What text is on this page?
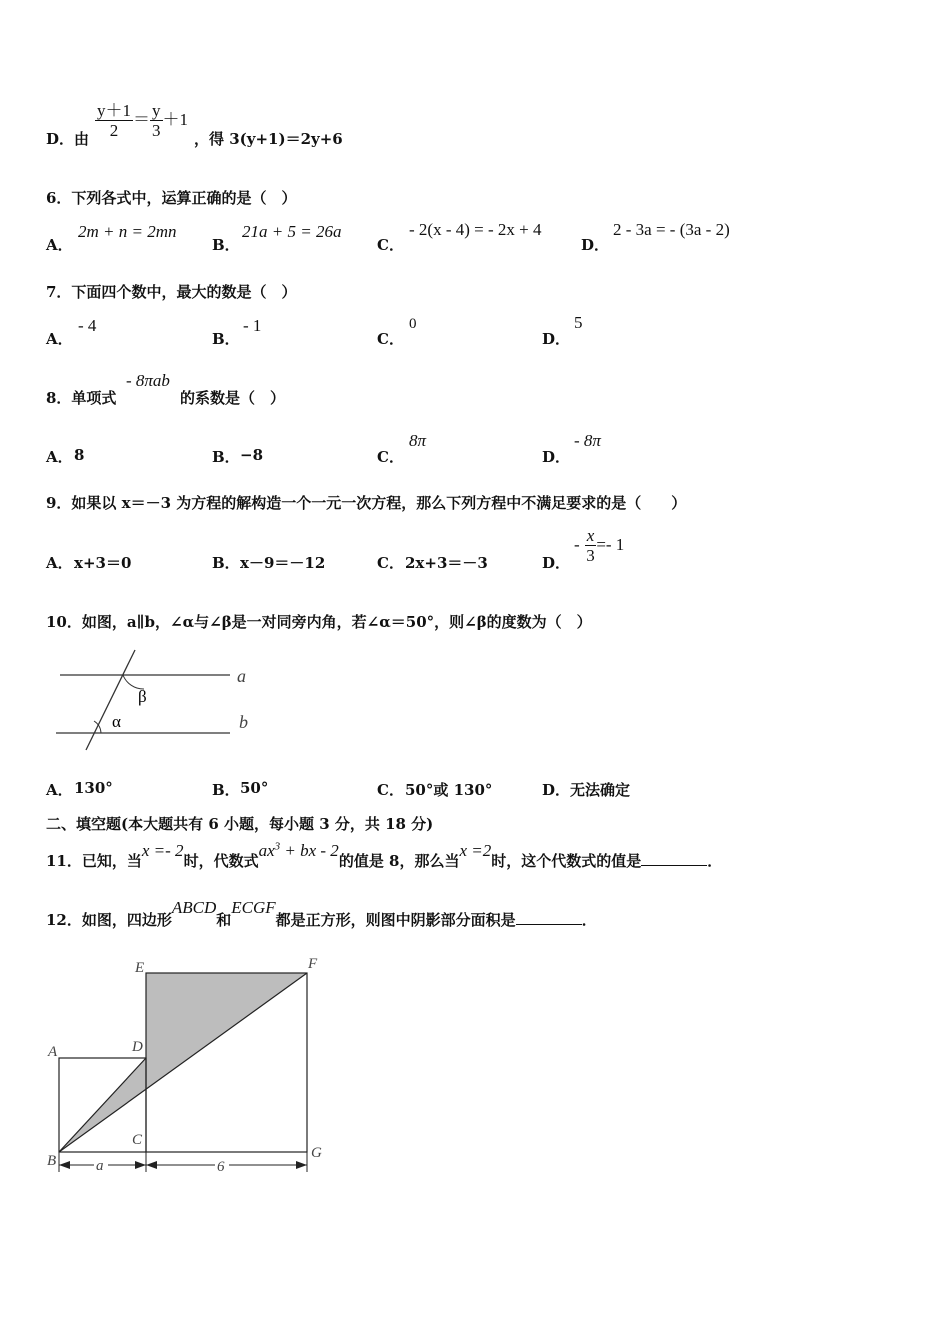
D．由 $\frac{y+1}{2} = \frac{y}{3} +1$
，得 3(y+1)＝2y+6
6．下列各式中，运算正确的是（　）
A．
2m + n = 2mn
B．
21a + 5 = 26a
C．
- 2(x - 4) = - 2x + 4
D．
2 - 3a = - (3a - 2)
7．下面四个数中，最大的数是（　）
A．
- 4
B．
- 1
C．
0
D．
5
8．单项式
- 8πab
的系数是（　）
A． 8	B． −8	C．
8π
D．
- 8π
9．如果以 x＝－3 为方程的解构造一个一元一次方程，那么下列方程中不满足要求的是（　　）
A． x+3＝0	B． x－9＝－12	C． 2x+3＝－3	D．
- $\frac{x}{3} =- 1$
10．如图，a∥b，∠α与∠β是一对同旁内角，若∠α＝50°，则∠β的度数为（　）
β
α
a
b
A． 130°	B． 50°	C． 50°或 130°	D． 无法确定
二、填空题(本大题共有 6 小题，每小题 3 分，共 18 分)
11．已知，当x =- 2时，代数式$ax^3$ + bx - 2的值是 8，那么当x =2时，这个代数式的值是	．
12．如图，四边形ABCD和ECGF都是正方形，则图中阴影部分面积是	．
a	6
E	F
A	D
C
B	G
